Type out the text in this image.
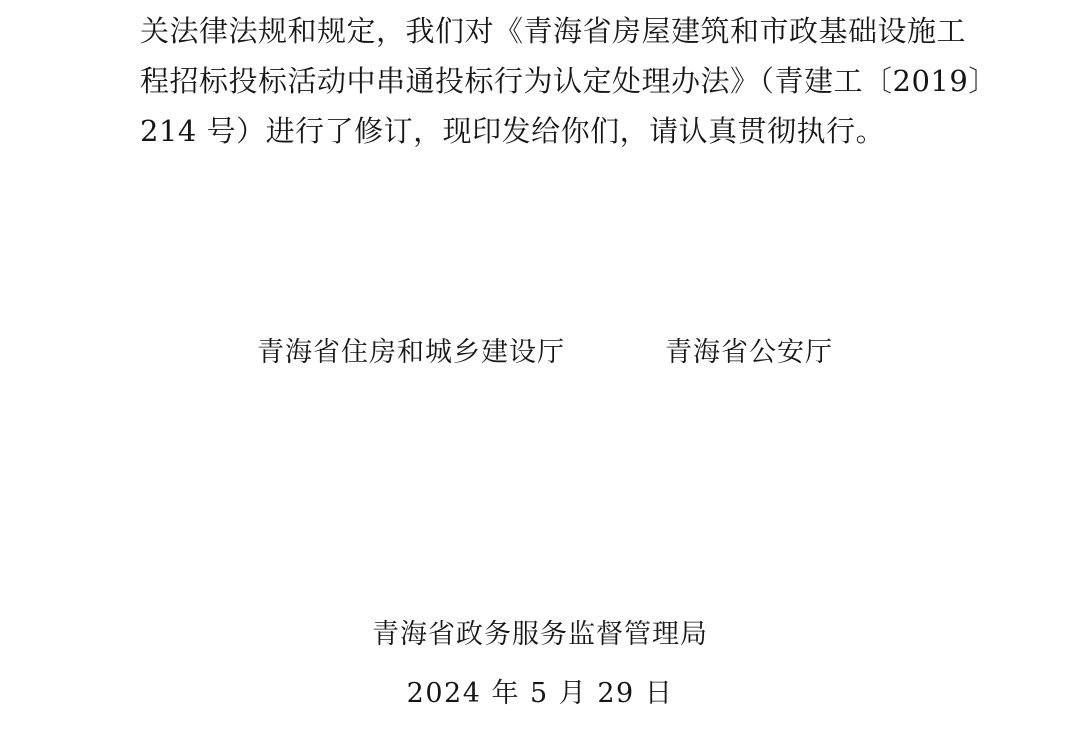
关法律法规和规定，我们对《青海省房屋建筑和市政基础设施工
程招标投标活动中串通投标行为认定处理办法》（青建工〔2019〕
214 号）进行了修订，现印发给你们，请认真贯彻执行。
青海省住房和城乡建设厅	青海省公安厅
青海省政务服务监督管理局
2024 年 5 月 29 日
